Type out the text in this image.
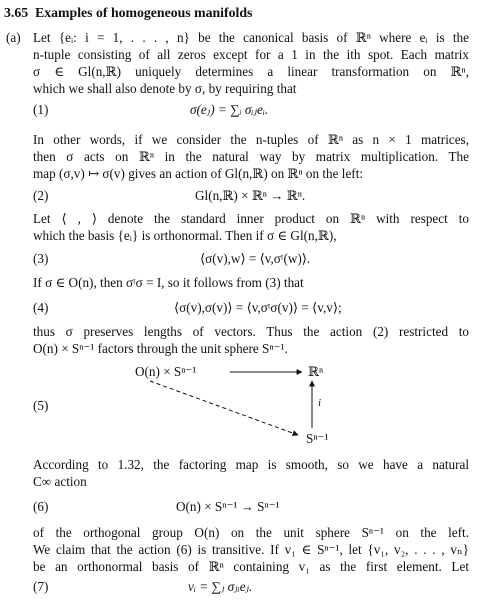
3.65 Examples of homogeneous manifolds
(a) Let {eᵢ: i = 1, . . . , n} be the canonical basis of ℝⁿ where eᵢ is the
n-tuple consisting of all zeros except for a 1 in the ith spot. Each matrix
σ ∈ Gl(n,ℝ) uniquely determines a linear transformation on ℝⁿ,
which we shall also denote by σ, by requiring that
(1)	σ(eⱼ) = ∑ᵢ σᵢⱼeᵢ.
In other words, if we consider the n-tuples of ℝⁿ as n × 1 matrices,
then σ acts on ℝⁿ in the natural way by matrix multiplication. The
map (σ,v) ↦ σ(v) gives an action of Gl(n,ℝ) on ℝⁿ on the left:
(2)	Gl(n,ℝ) × ℝⁿ → ℝⁿ.
Let ⟨ , ⟩ denote the standard inner product on ℝⁿ with respect to
which the basis {eᵢ} is orthonormal. Then if σ ∈ Gl(n,ℝ),
(3)	⟨σ(v),w⟩ = ⟨v,σᵗ(w)⟩.
If σ ∈ O(n), then σᵗσ = I, so it follows from (3) that
(4)	⟨σ(v),σ(v)⟩ = ⟨v,σᵗσ(v)⟩ = ⟨v,v⟩;
thus σ preserves lengths of vectors. Thus the action (2) restricted to
O(n) × Sⁿ⁻¹ factors through the unit sphere Sⁿ⁻¹.
(5)
O(n) × Sⁿ⁻¹	ℝⁿ
Sⁿ⁻¹
i
According to 1.32, the factoring map is smooth, so we have a natural
C∞ action
(6)	O(n) × Sⁿ⁻¹ → Sⁿ⁻¹
of the orthogonal group O(n) on the unit sphere Sⁿ⁻¹ on the left.
We claim that the action (6) is transitive. If v₁ ∈ Sⁿ⁻¹, let {v₁, v₂, . . . , vₙ}
be an orthonormal basis of ℝⁿ containing v₁ as the first element. Let
(7)	vᵢ = ∑ⱼ σⱼᵢeⱼ.
